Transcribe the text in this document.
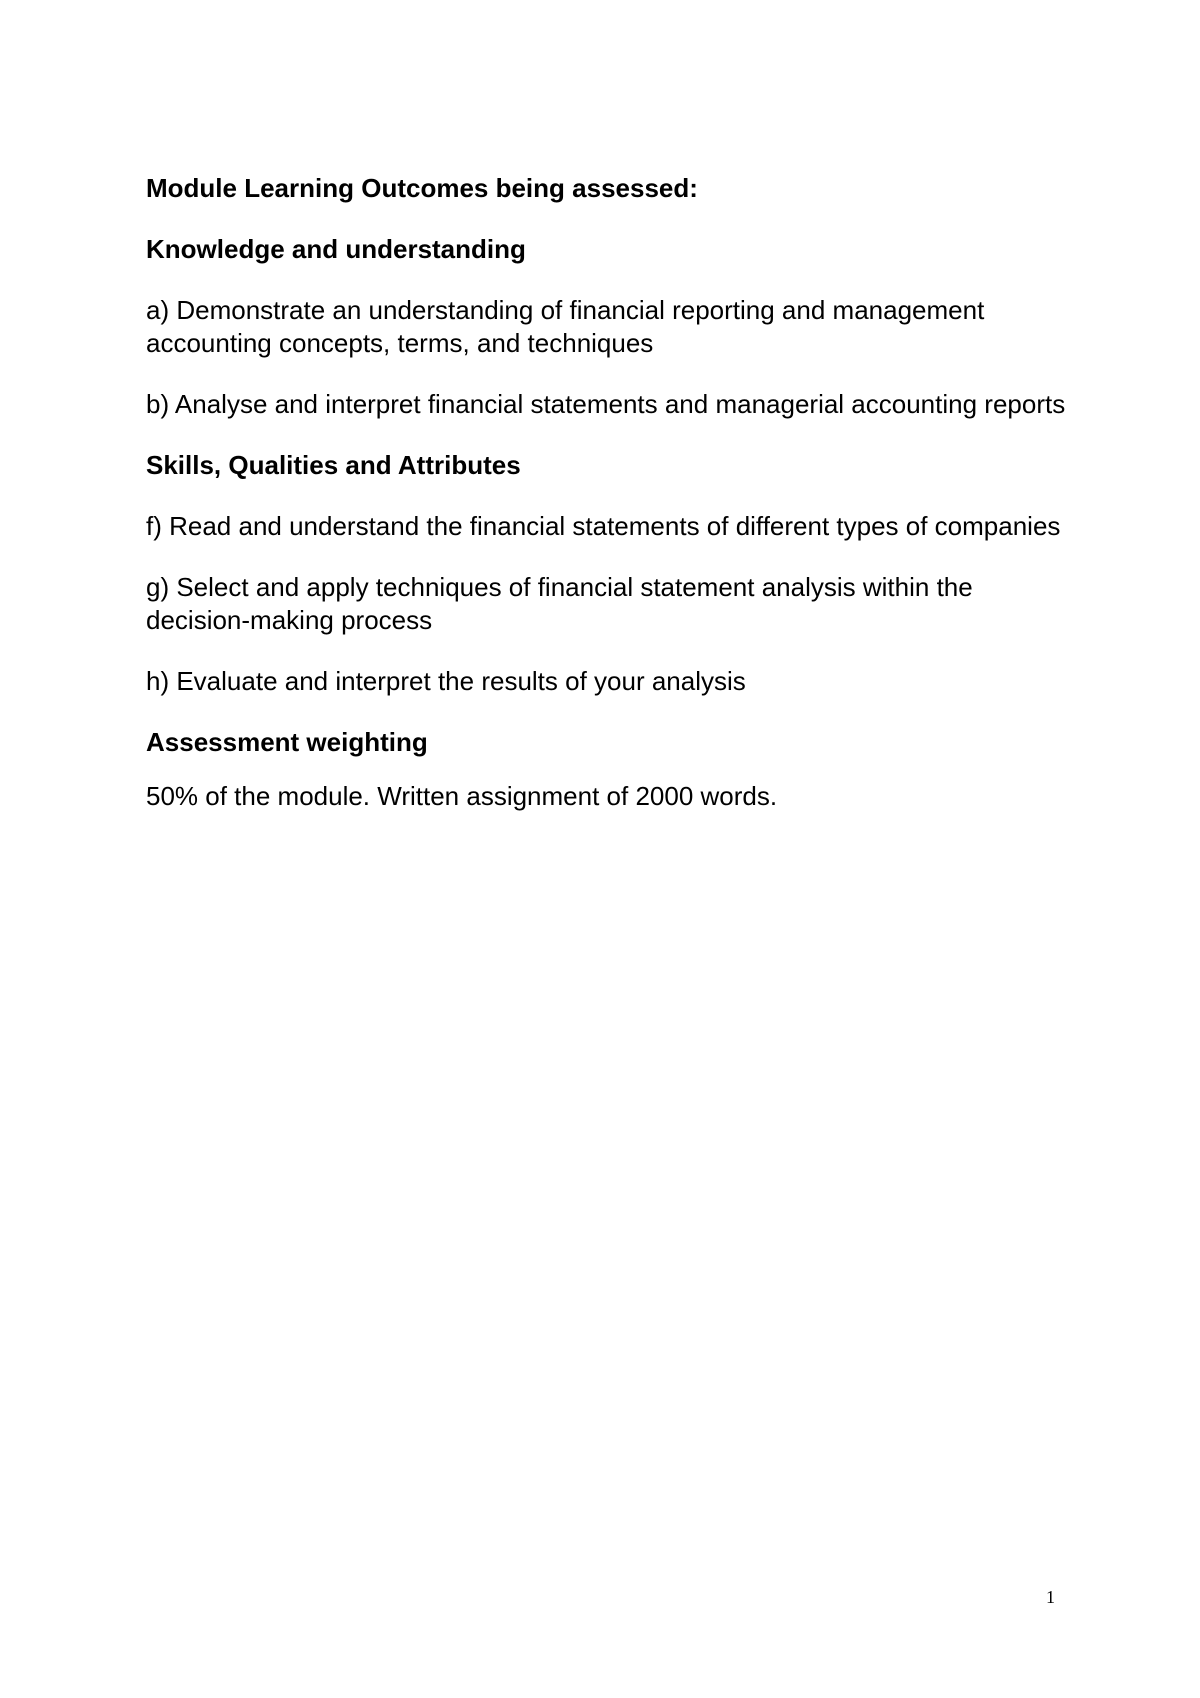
Module Learning Outcomes being assessed:

Knowledge and understanding

a) Demonstrate an understanding of financial reporting and management accounting concepts, terms, and techniques

b) Analyse and interpret financial statements and managerial accounting reports

Skills, Qualities and Attributes

f) Read and understand the financial statements of different types of companies

g) Select and apply techniques of financial statement analysis within the decision-making process

h) Evaluate and interpret the results of your analysis

Assessment weighting

50% of the module. Written assignment of 2000 words.

1
